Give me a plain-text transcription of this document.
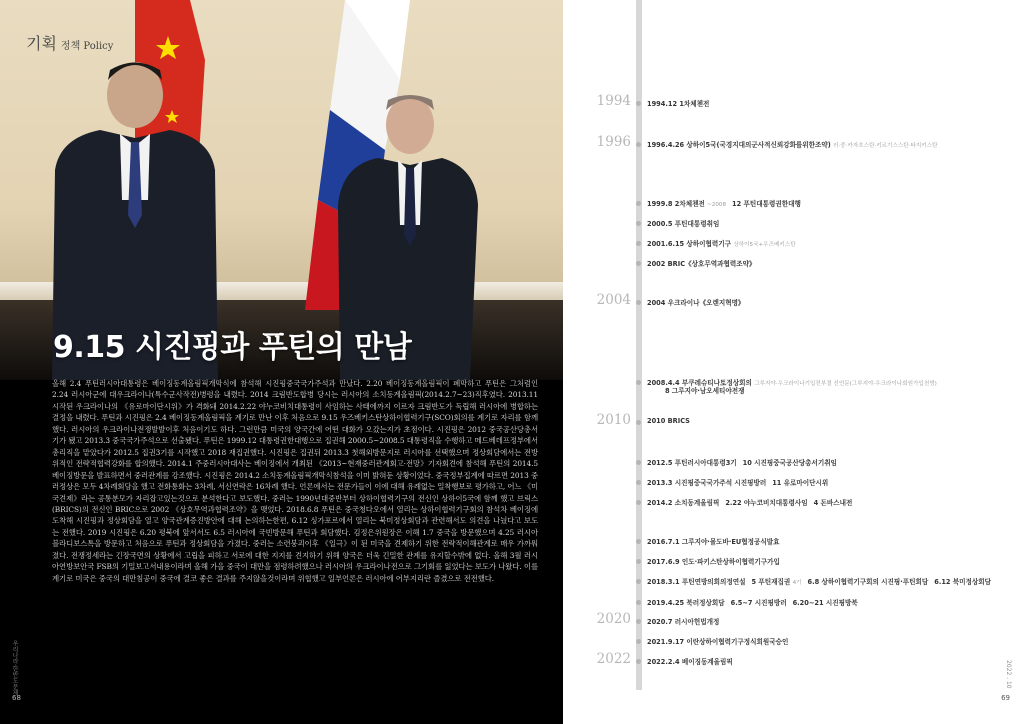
기획 정책 Policy
9.15 시진핑과 푸틴의 만남
올해 2.4 푸틴러시아대통령은 베이징동계올림픽개막식에 참석해 시진핑중국국가주석과 만났다. 2.20 베이징동계올림픽이 폐막하고 푸틴은 그처럼인 2.24 러시아군에 대우크라이나(특수군사작전)병령을 내렸다. 2014 크림반도합병 당시는 러시아의 소치동계올림픽(2014.2.7~23)직후였다. 2013.11 시작된 우크라이나의 《유로마이단시위》가 격화돼 2014.2.22 야누코비치대통령이 사임하는 사태에까지 이르자 크림반도가 독립해 러시아에 병합하는 결정을 내렸다. 푸틴과 시진핑은 2.4 베이징동계올림픽을 계기로 만난 이후 처음으로 9.15 우즈베키스탄상하이협력기구(SCO)회의를 계기로 자리를 함께 했다. 러시아의 우크라이나전쟁발발이후 처음이기도 하다. 그런만큼 미국의 양국간에 어떤 대화가 오갔는지가 초점이다. 시진핑은 2012 중국공산당총서기가 됐고 2013.3 중국국가주석으로 선출됐다. 푸틴은 1999.12 대통령권한대행으로 집권해 2000.5~2008.5 대통령직을 수행하고 메드베데프정부에서 총리직을 맡았다가 2012.5 집권3기를 시작했고 2018 재집권했다. 시진핑은 집권뒤 2013.3 첫해외방문지로 러시아를 선택했으며 정상회담에서는 전방위적인 전략적협력강화를 합의했다. 2014.1 주중러시아대사는 베이징에서 개최된 《2013~현재중러관계회고·전망》기자회견에 참석해 푸틴의 2014.5 베이징방문을 발표하면서 중러관계를 강조했다. 시진핑은 2014.2 소치동계올림픽개막식참석을 이미 밝혀둔 상황이었다. 중국정부집계에 따르면 2013 중러정상은 모두 4차례회담을 했고 전화통화는 3차례, 서신연락은 16차례 했다. 언론에서는 전문가들이 이에 대해 유례없는 밀착행보로 평가하고, 어느 《미국견제》라는 공통분모가 자리잡고있는것으로 분석한다고 보도했다. 중러는 1990년대중반부터 상하이협력기구의 전신인 상하이5국에 함께 했고 브릭스(BRICS)의 전신인 BRIC으로 2002 《상호무역과협력조약》을 맺었다. 2018.6.8 푸틴은 중국청다오에서 열리는 상하이협력기구회의 참석차 베이징에 도착해 시진핑과 정상회담을 열고 양국관계증진방안에 대해 논의하는한편, 6.12 싱가포르에서 열리는 북미정상회담과 관련해서도 의견을 나눴다고 보도는 전했다. 2019 시진핑은 6.20 평북에 앞서서도 6.5 러시아에 국빈방문해 푸틴과 회담했다. 김정은위원장은 이해 1.7 중국을 방문했으며 4.25 러시아 블라디보스톡을 방문하고 처음으로 푸틴과 정상회담을 가졌다. 중러는 소련붕괴이후 《일극》이 된 미국을 견제하기 위한 전략적이해관계로 매우 가까워졌다. 전쟁정세라는 긴장국면의 상황에서 고립을 피하고 서로에 대한 지지를 견지하기 위해 양국은 더욱 긴밀한 관계를 유지할수밖에 없다. 올해 3월 러시아연방보안국 FSB의 기밀보고서내용이라며 올해 가을 중국이 대만을 점령하려했으나 러시아의 우크라이나전으로 그기회를 잃었다는 보도가 나왔다. 이를 계기로 미국은 중국의 대만침공이 중국에 결코 좋은 결과를 주지않을것이라며 위협했고 일부언론은 러시아에 어부지리란 즐겼으로 전전했다.
우리나라·한반도문제
68
1994 1994.12 1차체첸전
1996 1996.4.26 상하이5국(국경지대의군사적신뢰강화를위한조약) 러·중·카자흐스탄·키르기스스탄·타지키스탄
1999.8 2차체첸전 ~2008 12 푸틴대통령권한대행
2000.5 푸틴대통령취임
2001.6.15 상하이협력기구 상하이5국+우즈베키스탄
2002 BRIC《상호무역과협력조약》
2004 2004 우크라이나《오렌지혁명》
2008.4.4 부쿠레슈티나토정상회의 그루지야·우크라이나기입전부결 선언문(그루지야·우크라이나회원가입천명)
8 그루지야·남오세티야전쟁
2010 2010 BRICS
2012.5 푸틴러시아대통령3기 10 시진핑중국공산당총서기취임
2013.3 시진핑중국국가주석 시진핑방러 11 유로마이단시위
2014.2 소치동계올림픽 2.22 야누코비치대통령사임 4 돈바스내전
2016.7.1 그루지야·몰도바·EU협정공식발효
2017.6.9 인도·파키스탄상하이협력기구가입
2018.3.1 푸틴연방의회의정연설 5 푸틴재집권 4기 6.8 상하이협력기구회의 시진핑·푸틴회담 6.12 북미정상회담
2019.4.25 북러정상회담 6.5~7 시진핑방러 6.20~21 시진핑방북
2020 2020.7 러시아헌법개정
2021.9.17 이란상하이협력기구정식회원국승인
2022 2022.2.4 베이징동계올림픽	2022 . 10
69
